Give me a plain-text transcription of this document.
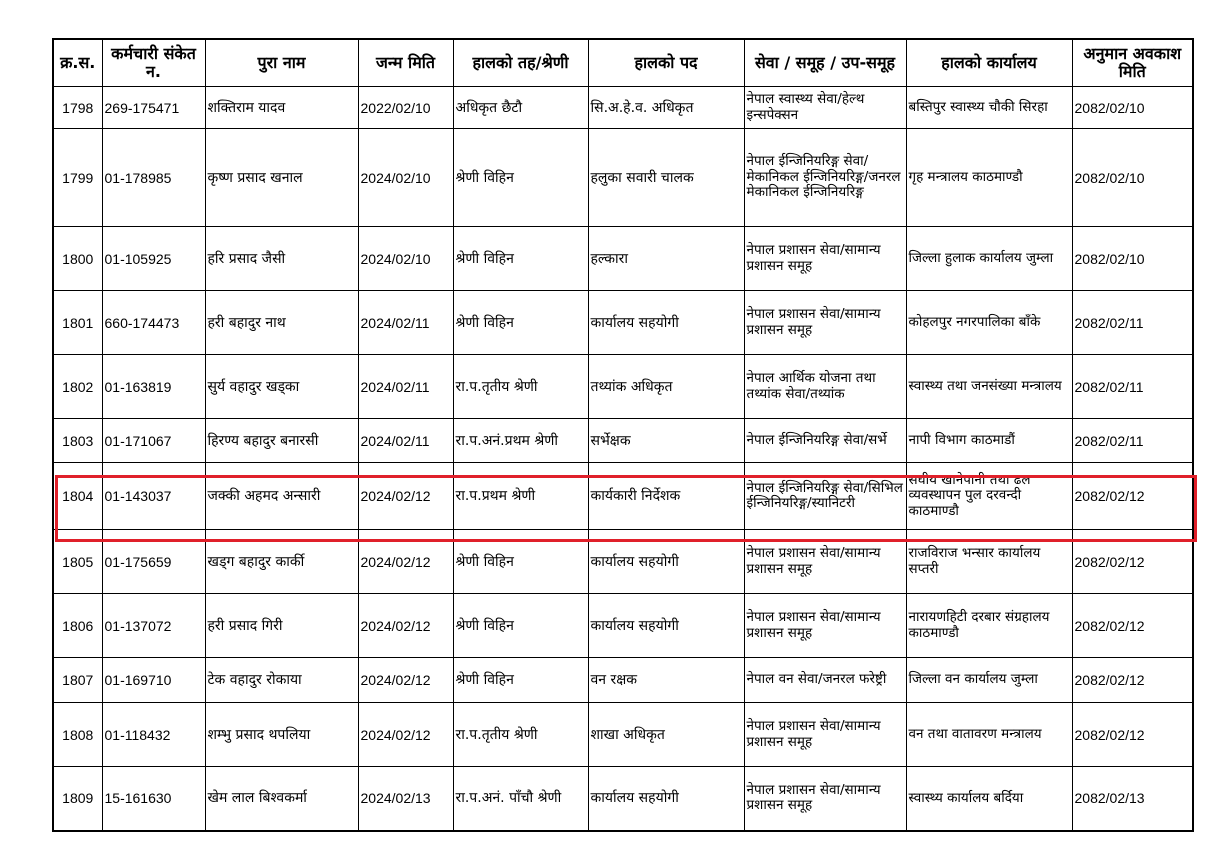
क्र.स.	कर्मचारी संकेत न.	पुरा नाम	जन्म मिति	हालको तह/श्रेणी	हालको पद	सेवा / समूह / उप-समूह	हालको कार्यालय	अनुमान अवकाश मिति
1798	269-175471	शक्तिराम यादव	2022/02/10	अधिकृत छैटौ	सि.अ.हे.व. अधिकृत	नेपाल स्वास्थ्य सेवा/हेल्थ इन्सपेक्सन	बस्तिपुर स्वास्थ्य चौकी सिरहा	2082/02/10
1799	01-178985	कृष्ण प्रसाद खनाल	2024/02/10	श्रेणी विहिन	हलुका सवारी चालक	नेपाल ईन्जिनियरिङ्ग सेवा/मेकानिकल ईन्जिनियरिङ्ग/जनरल मेकानिकल ईन्जिनियरिङ्ग	गृह मन्त्रालय काठमाण्डौ	2082/02/10
1800	01-105925	हरि प्रसाद जैसी	2024/02/10	श्रेणी विहिन	हल्कारा	नेपाल प्रशासन सेवा/सामान्य प्रशासन समूह	जिल्ला हुलाक कार्यालय जुम्ला	2082/02/10
1801	660-174473	हरी बहादुर नाथ	2024/02/11	श्रेणी विहिन	कार्यालय सहयोगी	नेपाल प्रशासन सेवा/सामान्य प्रशासन समूह	कोहलपुर नगरपालिका बाँके	2082/02/11
1802	01-163819	सुर्य वहादुर खड्का	2024/02/11	रा.प.तृतीय श्रेणी	तथ्यांक अधिकृत	नेपाल आर्थिक योजना तथा तथ्यांक सेवा/तथ्यांक	स्वास्थ्य तथा जनसंख्या मन्त्रालय	2082/02/11
1803	01-171067	हिरण्य बहादुर बनारसी	2024/02/11	रा.प.अनं.प्रथम श्रेणी	सर्भेक्षक	नेपाल ईन्जिनियरिङ्ग सेवा/सर्भे	नापी विभाग काठमाडौं	2082/02/11
1804	01-143037	जक्की अहमद अन्सारी	2024/02/12	रा.प.प्रथम श्रेणी	कार्यकारी निर्देशक	नेपाल ईन्जिनियरिङ्ग सेवा/सिभिल ईन्जिनियरिङ्ग/स्यानिटरी	सघीय खानेपानी तथा ढल व्यवस्थापन पुल दरवन्दी काठमाण्डौ	2082/02/12
1805	01-175659	खड्ग बहादुर कार्की	2024/02/12	श्रेणी विहिन	कार्यालय सहयोगी	नेपाल प्रशासन सेवा/सामान्य प्रशासन समूह	राजविराज भन्सार कार्यालय सप्तरी	2082/02/12
1806	01-137072	हरी प्रसाद गिरी	2024/02/12	श्रेणी विहिन	कार्यालय सहयोगी	नेपाल प्रशासन सेवा/सामान्य प्रशासन समूह	नारायणहिटी दरबार संग्रहालय काठमाण्डौ	2082/02/12
1807	01-169710	टेक वहादुर रोकाया	2024/02/12	श्रेणी विहिन	वन रक्षक	नेपाल वन सेवा/जनरल फरेष्ट्री	जिल्ला वन कार्यालय जुम्ला	2082/02/12
1808	01-118432	शम्भु प्रसाद थपलिया	2024/02/12	रा.प.तृतीय श्रेणी	शाखा अधिकृत	नेपाल प्रशासन सेवा/सामान्य प्रशासन समूह	वन तथा वातावरण मन्त्रालय	2082/02/12
1809	15-161630	खेम लाल बिश्वकर्मा	2024/02/13	रा.प.अनं. पाँचौ श्रेणी	कार्यालय सहयोगी	नेपाल प्रशासन सेवा/सामान्य प्रशासन समूह	स्वास्थ्य कार्यालय बर्दिया	2082/02/13
